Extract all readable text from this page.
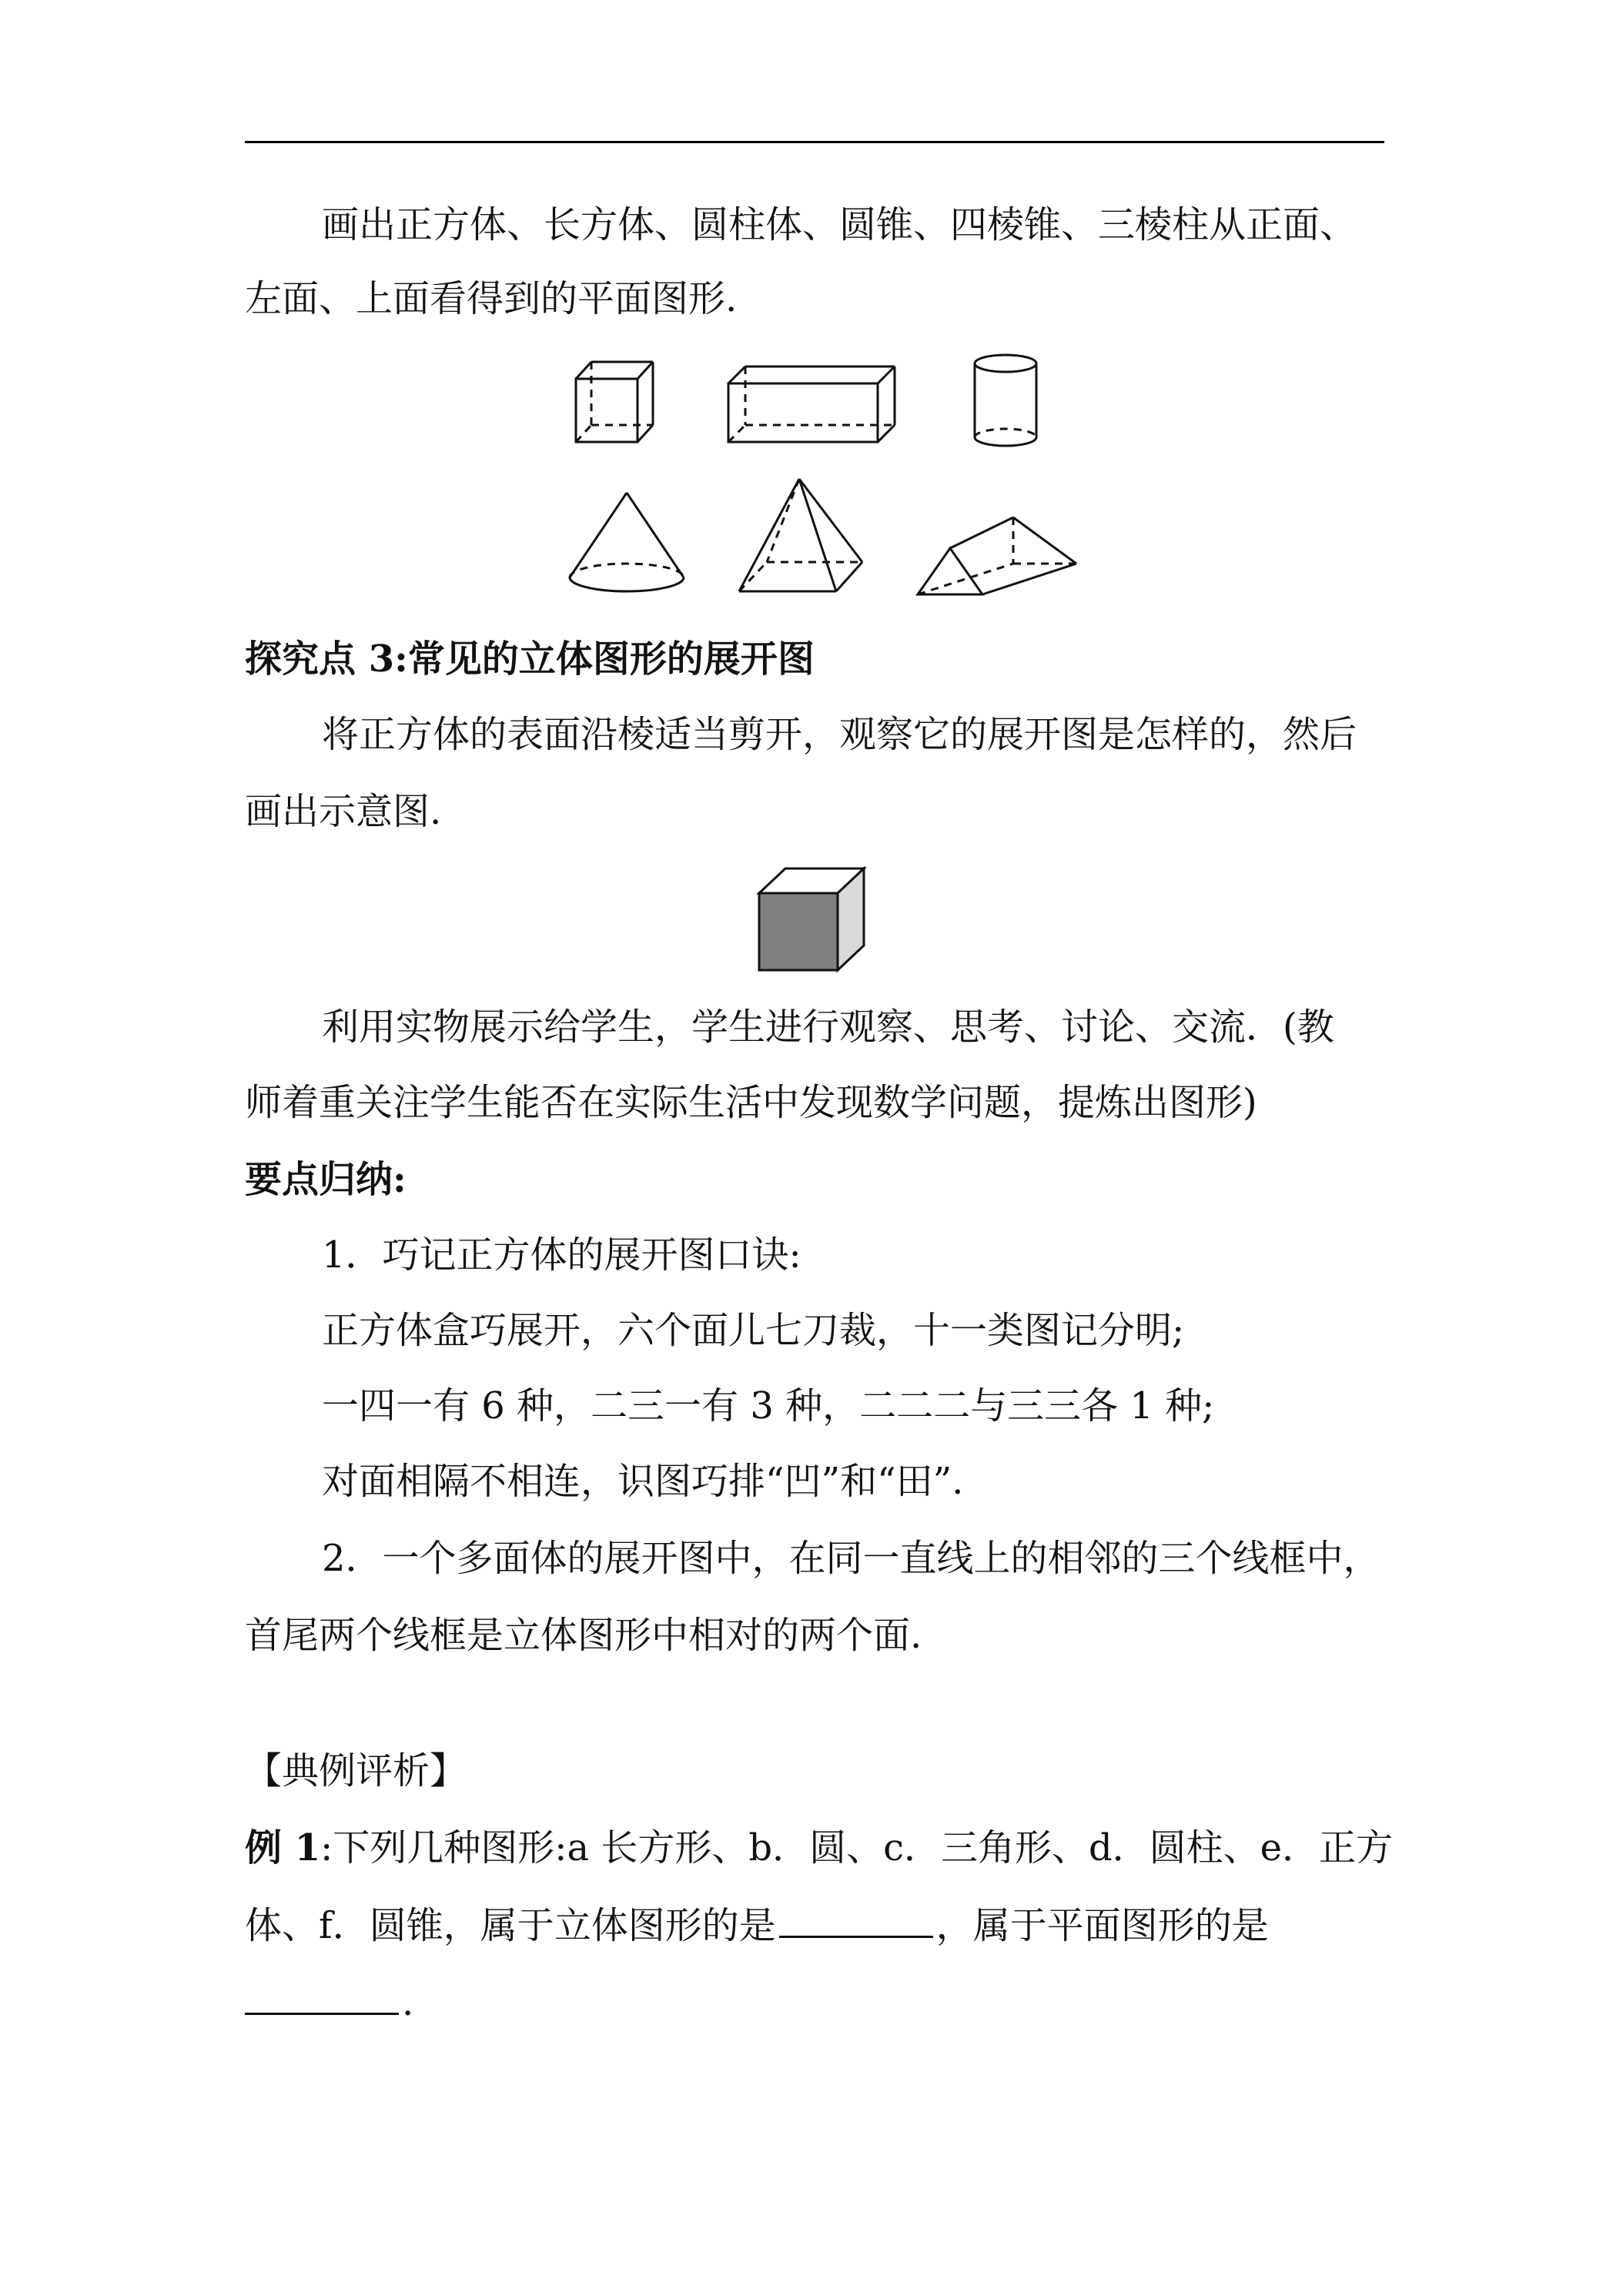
画出正方体、长方体、圆柱体、圆锥、四棱锥、三棱柱从正面、
左面、上面看得到的平面图形.
探究点 3:常见的立体图形的展开图
将正方体的表面沿棱适当剪开，观察它的展开图是怎样的，然后
画出示意图.
利用实物展示给学生，学生进行观察、思考、讨论、交流．(教
师着重关注学生能否在实际生活中发现数学问题，提炼出图形)
要点归纳:
1．巧记正方体的展开图口诀:
正方体盒巧展开，六个面儿七刀裁，十一类图记分明;
一四一有 6 种，二三一有 3 种，二二二与三三各 1 种;
对面相隔不相连，识图巧排“凹”和“田”.
2．一个多面体的展开图中，在同一直线上的相邻的三个线框中，
首尾两个线框是立体图形中相对的两个面.
【典例评析】
例 1:下列几种图形:a 长方形、b．圆、c．三角形、d．圆柱、e．正方
体、f．圆锥，属于立体图形的是	，属于平面图形的是
.
